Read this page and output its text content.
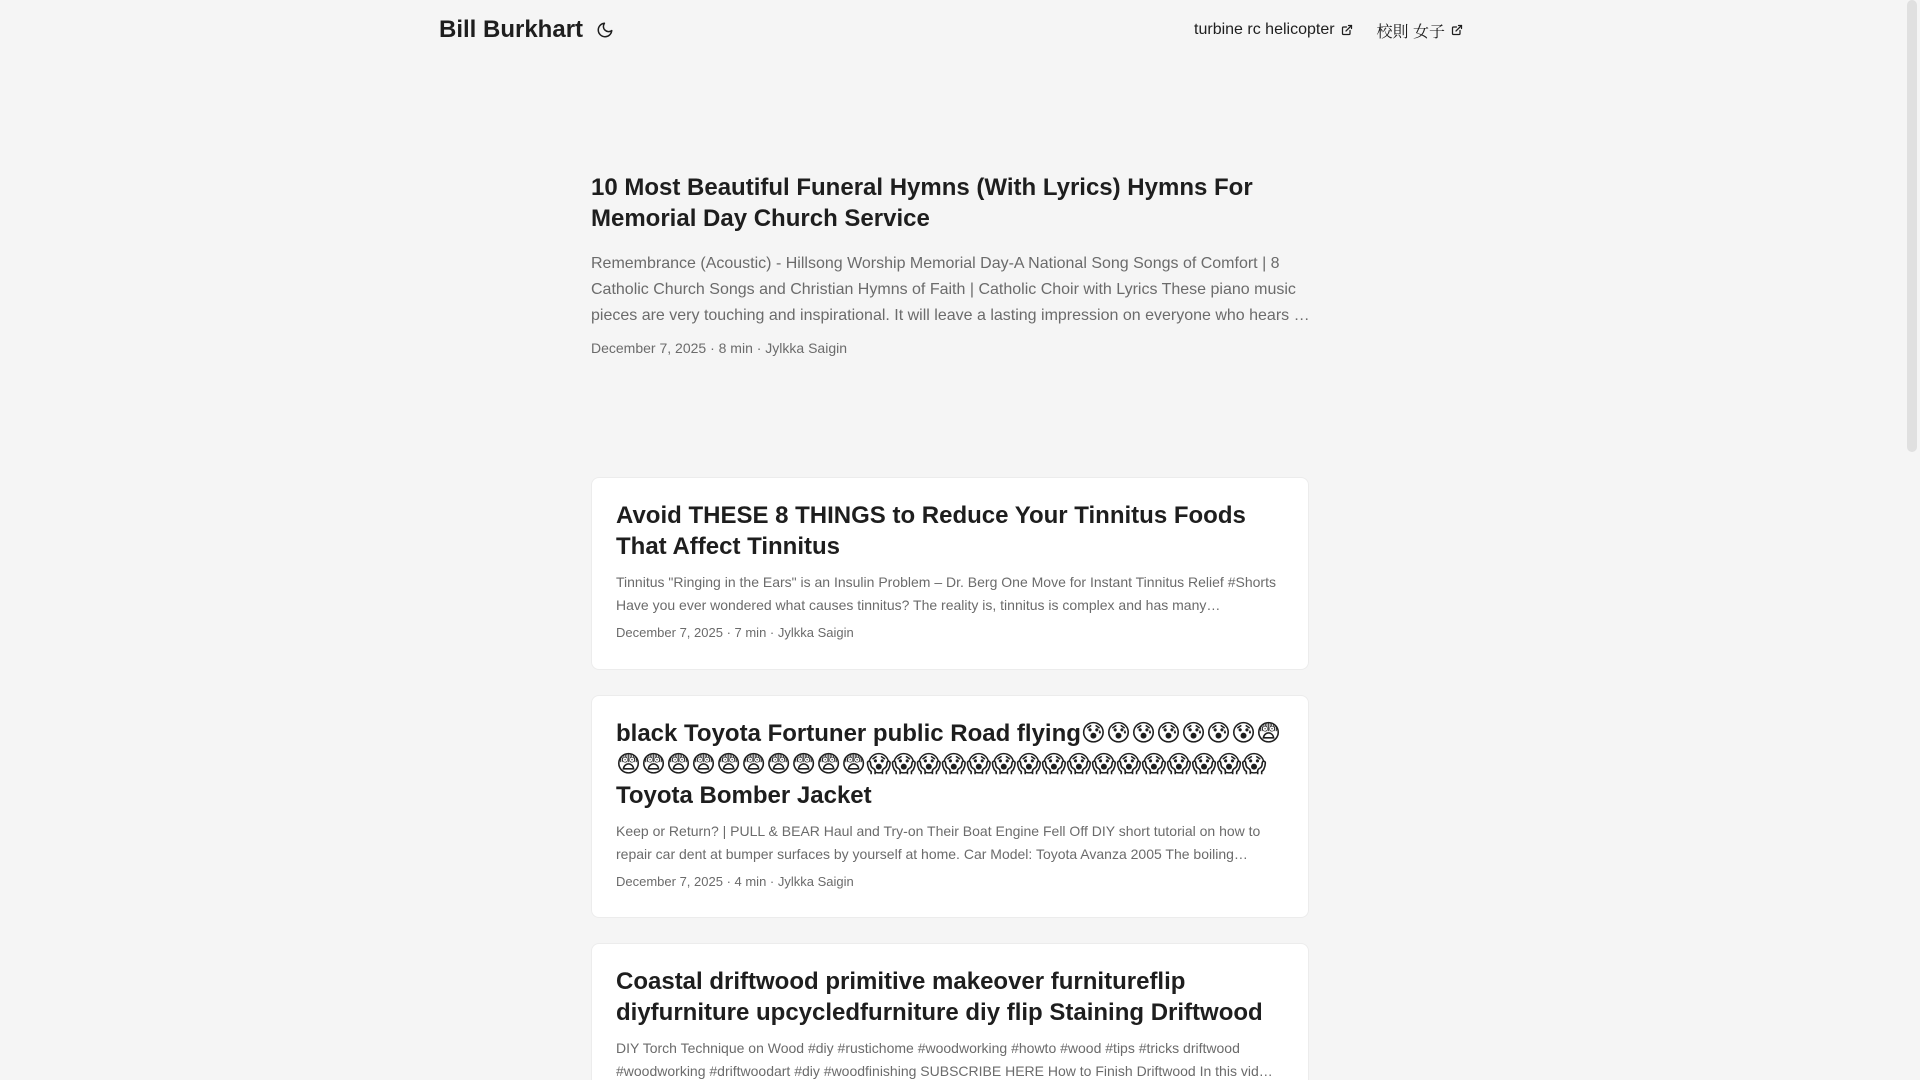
Bill Burkhart	turbine rc helicopter	校則 女子
10 Most Beautiful Funeral Hymns (With Lyrics) Hymns For Memorial Day Church Service
Remembrance (Acoustic) - Hillsong Worship Memorial Day-A National Song Songs of Comfort | 8 Catholic Church Songs and Christian Hymns of Faith | Catholic Choir with Lyrics These piano music pieces are very touching and inspirational. It will leave a lasting impression on everyone who hears …
December 7, 2025 · 8 min · Jylkka Saigin
Avoid THESE 8 THINGS to Reduce Your Tinnitus Foods That Affect Tinnitus
Tinnitus "Ringing in the Ears" is an Insulin Problem – Dr. Berg One Move for Instant Tinnitus Relief #Shorts Have you ever wondered what causes tinnitus? The reality is, tinnitus is complex and has many…
December 7, 2025 · 7 min · Jylkka Saigin
black Toyota Fortuner public Road flying😰😰😰😰😰😰😰😨😨😨😨😨😨😨😨😨😨😨😱😱😱😱😱😱😱😱😱😱😱😱😱😱😱😱 Toyota Bomber Jacket
Keep or Return? | PULL & BEAR Haul and Try-on Their Boat Engine Fell Off DIY short tutorial on how to repair car dent at bumper surfaces by yourself at home. Car Model: Toyota Avanza 2005 The boiling…
December 7, 2025 · 4 min · Jylkka Saigin
Coastal driftwood primitive makeover furnitureflip diyfurniture upcycledfurniture diy flip Staining Driftwood
DIY Torch Technique on Wood #diy #rustichome #woodworking #howto #wood #tips #tricks driftwood #woodworking #driftwoodart #diy #woodfinishing SUBSCRIBE HERE How to Finish Driftwood In this vid…
